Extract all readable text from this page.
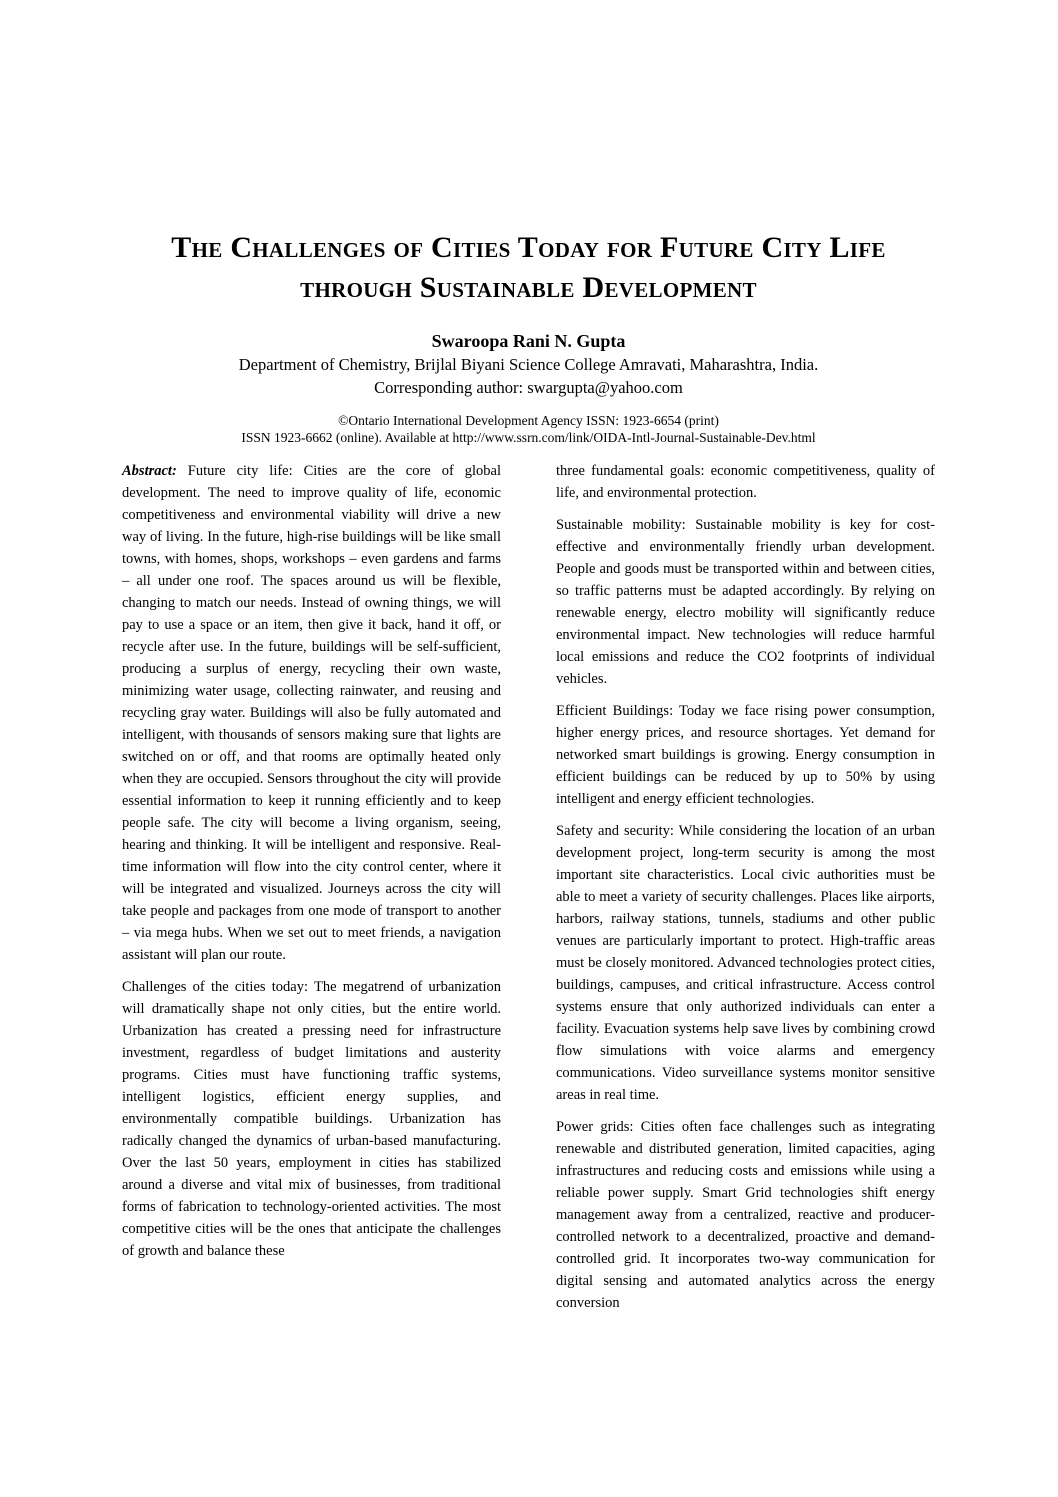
The Challenges of Cities Today for Future City Life
through Sustainable Development
Swaroopa Rani N. Gupta
Department of Chemistry, Brijlal Biyani Science College Amravati, Maharashtra, India.
Corresponding author: swargupta@yahoo.com
©Ontario International Development Agency ISSN: 1923-6654 (print)
ISSN 1923-6662 (online). Available at http://www.ssrn.com/link/OIDA-Intl-Journal-Sustainable-Dev.html

Abstract: Future city life: Cities are the core of global development. The need to improve quality of life, economic competitiveness and environmental viability will drive a new way of living. In the future, high-rise buildings will be like small towns, with homes, shops, workshops – even gardens and farms – all under one roof. The spaces around us will be flexible, changing to match our needs. Instead of owning things, we will pay to use a space or an item, then give it back, hand it off, or recycle after use. In the future, buildings will be self-sufficient, producing a surplus of energy, recycling their own waste, minimizing water usage, collecting rainwater, and reusing and recycling gray water. Buildings will also be fully automated and intelligent, with thousands of sensors making sure that lights are switched on or off, and that rooms are optimally heated only when they are occupied. Sensors throughout the city will provide essential information to keep it running efficiently and to keep people safe. The city will become a living organism, seeing, hearing and thinking. It will be intelligent and responsive. Real-time information will flow into the city control center, where it will be integrated and visualized. Journeys across the city will take people and packages from one mode of transport to another – via mega hubs. When we set out to meet friends, a navigation assistant will plan our route.

Challenges of the cities today: The megatrend of urbanization will dramatically shape not only cities, but the entire world. Urbanization has created a pressing need for infrastructure investment, regardless of budget limitations and austerity programs. Cities must have functioning traffic systems, intelligent logistics, efficient energy supplies, and environmentally compatible buildings. Urbanization has radically changed the dynamics of urban-based manufacturing. Over the last 50 years, employment in cities has stabilized around a diverse and vital mix of businesses, from traditional forms of fabrication to technology-oriented activities. The most competitive cities will be the ones that anticipate the challenges of growth and balance these

three fundamental goals: economic competitiveness, quality of life, and environmental protection.

Sustainable mobility: Sustainable mobility is key for cost-effective and environmentally friendly urban development. People and goods must be transported within and between cities, so traffic patterns must be adapted accordingly. By relying on renewable energy, electro mobility will significantly reduce environmental impact. New technologies will reduce harmful local emissions and reduce the CO2 footprints of individual vehicles.

Efficient Buildings: Today we face rising power consumption, higher energy prices, and resource shortages. Yet demand for networked smart buildings is growing. Energy consumption in efficient buildings can be reduced by up to 50% by using intelligent and energy efficient technologies.

Safety and security: While considering the location of an urban development project, long-term security is among the most important site characteristics. Local civic authorities must be able to meet a variety of security challenges. Places like airports, harbors, railway stations, tunnels, stadiums and other public venues are particularly important to protect. High-traffic areas must be closely monitored. Advanced technologies protect cities, buildings, campuses, and critical infrastructure. Access control systems ensure that only authorized individuals can enter a facility. Evacuation systems help save lives by combining crowd flow simulations with voice alarms and emergency communications. Video surveillance systems monitor sensitive areas in real time.

Power grids: Cities often face challenges such as integrating renewable and distributed generation, limited capacities, aging infrastructures and reducing costs and emissions while using a reliable power supply. Smart Grid technologies shift energy management away from a centralized, reactive and producer-controlled network to a decentralized, proactive and demand-controlled grid. It incorporates two-way communication for digital sensing and automated analytics across the energy conversion
